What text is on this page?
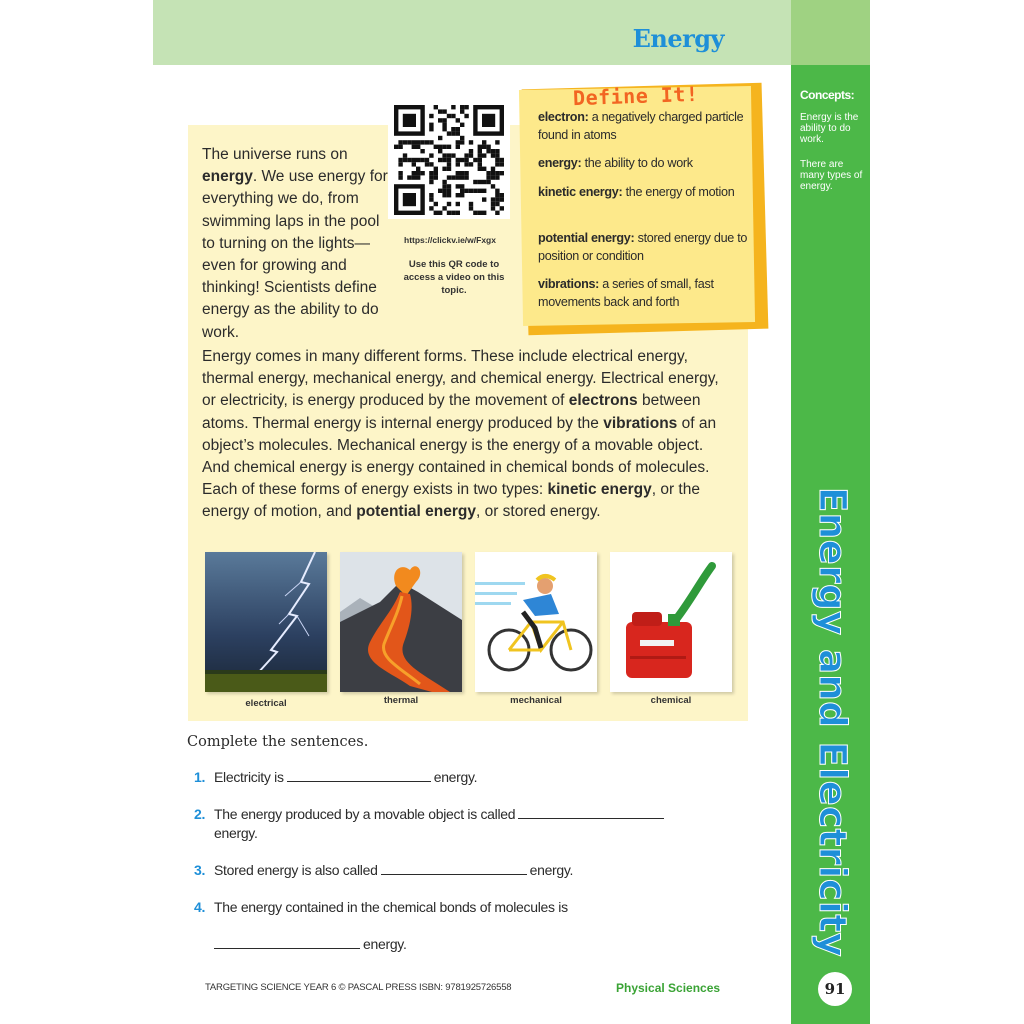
Energy
Concepts:
Energy is the ability to do work.
There are many types of energy.
Energy and Electricity
91
The universe runs on energy. We use energy for everything we do, from swimming laps in the pool to turning on the lights— even for growing and thinking! Scientists define energy as the ability to do work.
https://clickv.ie/w/Fxgx
Use this QR code to access a video on this topic.
Define It!
electron: a negatively charged particle found in atoms
energy: the ability to do work
kinetic energy: the energy of motion
potential energy: stored energy due to position or condition
vibrations: a series of small, fast movements back and forth
Energy comes in many different forms. These include electrical energy, thermal energy, mechanical energy, and chemical energy. Electrical energy, or electricity, is energy produced by the movement of electrons between atoms. Thermal energy is internal energy produced by the vibrations of an object’s molecules. Mechanical energy is the energy of a movable object. And chemical energy is energy contained in chemical bonds of molecules. Each of these forms of energy exists in two types: kinetic energy, or the energy of motion, and potential energy, or stored energy.
electrical	thermal	mechanical	chemical
Complete the sentences.
1. Electricity is	energy.
2. The energy produced by a movable object is called
energy.
3. Stored energy is also called	energy.
4. The energy contained in the chemical bonds of molecules is
energy.
TARGETING SCIENCE YEAR 6 © PASCAL PRESS ISBN: 9781925726558	Physical Sciences
